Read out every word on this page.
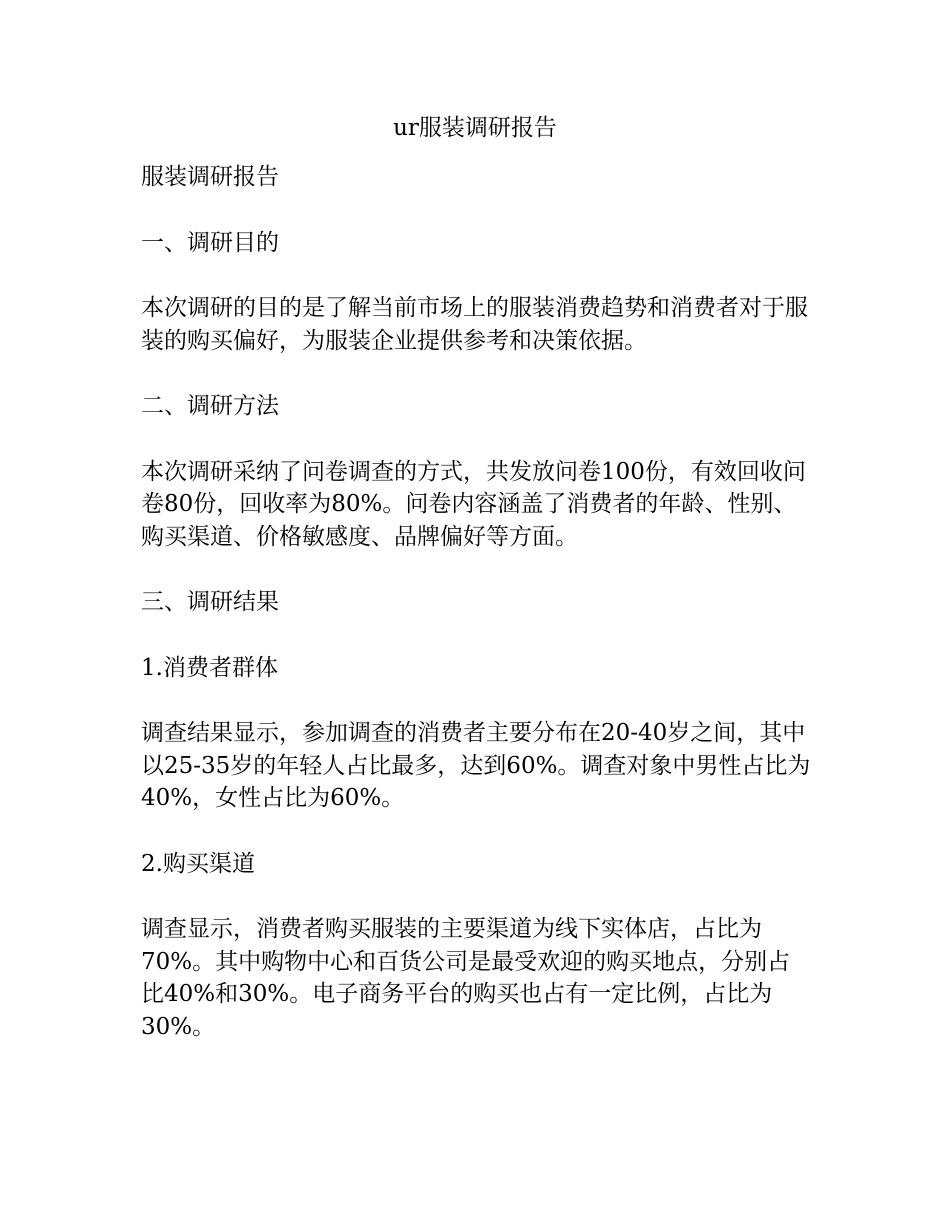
ur服装调研报告

服装调研报告

一、调研目的

本次调研的目的是了解当前市场上的服装消费趋势和消费者对于服装的购买偏好，为服装企业提供参考和决策依据。

二、调研方法

本次调研采纳了问卷调查的方式，共发放问卷100份，有效回收问卷80份，回收率为80%。问卷内容涵盖了消费者的年龄、性别、购买渠道、价格敏感度、品牌偏好等方面。

三、调研结果

1.消费者群体

调查结果显示，参加调查的消费者主要分布在20-40岁之间，其中以25-35岁的年轻人占比最多，达到60%。调查对象中男性占比为40%，女性占比为60%。

2.购买渠道

调查显示，消费者购买服装的主要渠道为线下实体店，占比为70%。其中购物中心和百货公司是最受欢迎的购买地点，分别占比40%和30%。电子商务平台的购买也占有一定比例，占比为30%。
